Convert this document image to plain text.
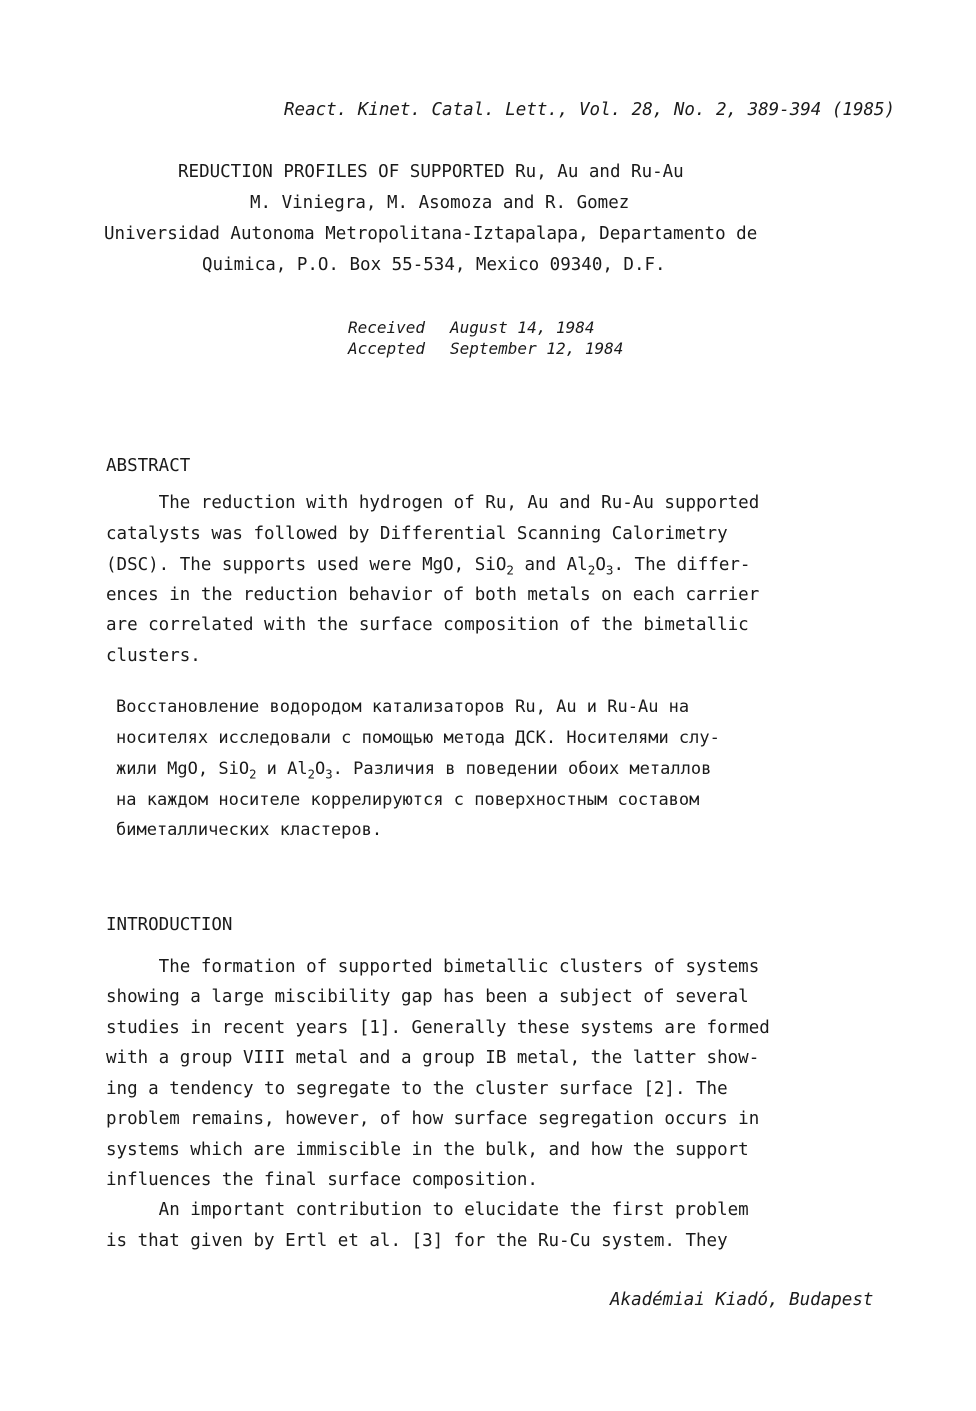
React. Kinet. Catal. Lett., Vol. 28, No. 2, 389-394 (1985)
REDUCTION PROFILES OF SUPPORTED Ru, Au and Ru-Au
M. Viniegra, M. Asomoza and R. Gomez
Universidad Autonoma Metropolitana-Iztapalapa, Departamento de
Quimica, P.O. Box 55-534, Mexico 09340, D.F.
Received August 14, 1984
Accepted September 12, 1984
ABSTRACT
The reduction with hydrogen of Ru, Au and Ru-Au supported
catalysts was followed by Differential Scanning Calorimetry
(DSC). The supports used were MgO, SiO$_2$ and $Al_2O_3$. The differ-
ences in the reduction behavior of both metals on each carrier
are correlated with the surface composition of the bimetallic
clusters.
Восстановление водородом катализаторов Ru, Au и Ru-Au на
носителях исследовали с помощью метода ДСК. Носителями слу-
жили MgO, SiO$_2$ и $Al_2O_3$. Различия в поведении обоих металлов
на каждом носителе коррелируются с поверхностным составом
биметаллических кластеров.
INTRODUCTION
The formation of supported bimetallic clusters of systems
showing a large miscibility gap has been a subject of several
studies in recent years [1]. Generally these systems are formed
with a group VIII metal and a group IB metal, the latter show-
ing a tendency to segregate to the cluster surface [2]. The
problem remains, however, of how surface segregation occurs in
systems which are immiscible in the bulk, and how the support
influences the final surface composition.
An important contribution to elucidate the first problem
is that given by Ertl et al. [3] for the Ru-Cu system. They
Akadémiai Kiadó, Budapest
